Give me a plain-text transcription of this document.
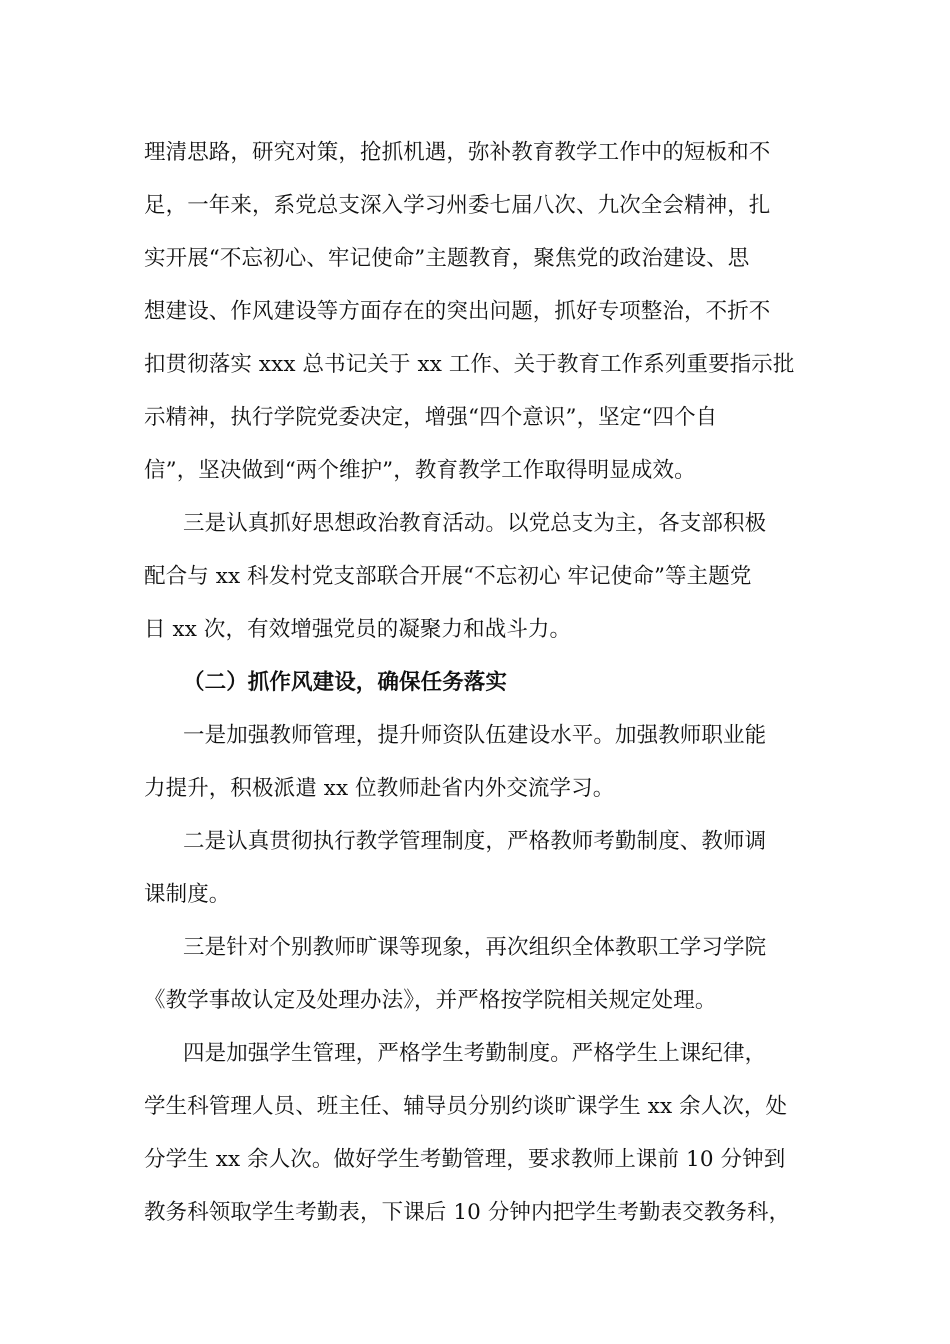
理清思路，研究对策，抢抓机遇，弥补教育教学工作中的短板和不
足，一年来，系党总支深入学习州委七届八次、九次全会精神，扎
实开展“不忘初心、牢记使命”主题教育，聚焦党的政治建设、思
想建设、作风建设等方面存在的突出问题，抓好专项整治，不折不
扣贯彻落实 xxx 总书记关于 xx 工作、关于教育工作系列重要指示批
示精神，执行学院党委决定，增强“四个意识”，坚定“四个自
信”，坚决做到“两个维护”，教育教学工作取得明显成效。
三是认真抓好思想政治教育活动。以党总支为主，各支部积极
配合与 xx 科发村党支部联合开展“不忘初心 牢记使命”等主题党
日 xx 次，有效增强党员的凝聚力和战斗力。
（二）抓作风建设，确保任务落实
一是加强教师管理，提升师资队伍建设水平。加强教师职业能
力提升，积极派遣 xx 位教师赴省内外交流学习。
二是认真贯彻执行教学管理制度，严格教师考勤制度、教师调
课制度。
三是针对个别教师旷课等现象，再次组织全体教职工学习学院
《教学事故认定及处理办法》，并严格按学院相关规定处理。
四是加强学生管理，严格学生考勤制度。严格学生上课纪律，
学生科管理人员、班主任、辅导员分别约谈旷课学生 xx 余人次，处
分学生 xx 余人次。做好学生考勤管理，要求教师上课前 10 分钟到
教务科领取学生考勤表，下课后 10 分钟内把学生考勤表交教务科，
